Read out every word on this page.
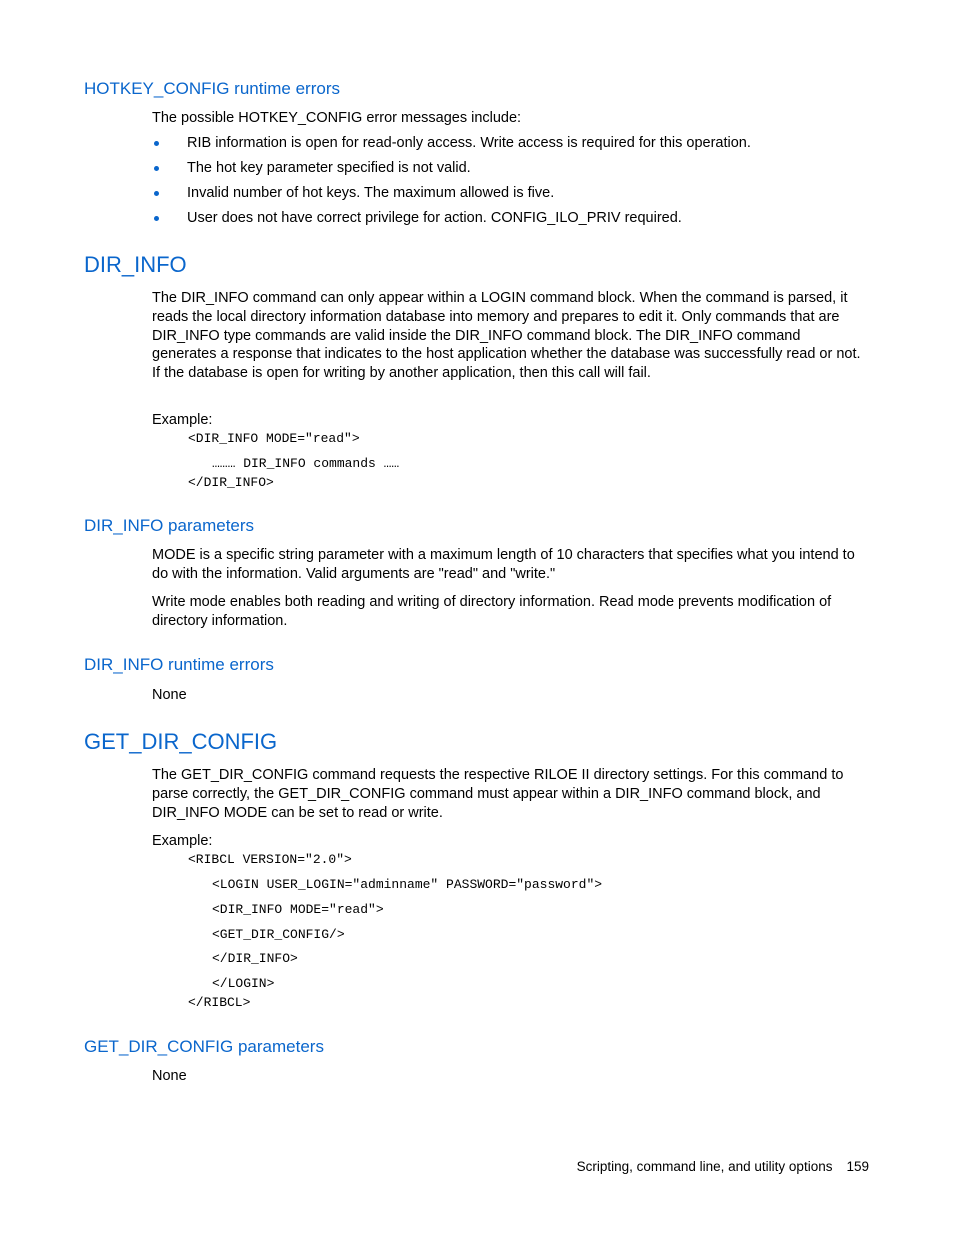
HOTKEY_CONFIG runtime errors

The possible HOTKEY_CONFIG error messages include:

RIB information is open for read-only access. Write access is required for this operation.
The hot key parameter specified is not valid.
Invalid number of hot keys. The maximum allowed is five.
User does not have correct privilege for action. CONFIG_ILO_PRIV required.
DIR_INFO

The DIR_INFO command can only appear within a LOGIN command block. When the command is parsed, it reads the local directory information database into memory and prepares to edit it. Only commands that are DIR_INFO type commands are valid inside the DIR_INFO command block. The DIR_INFO command generates a response that indicates to the host application whether the database was successfully read or not. If the database is open for writing by another application, then this call will fail.

Example:

<DIR_INFO MODE="read">
……… DIR_INFO commands ……
</DIR_INFO>
DIR_INFO parameters

MODE is a specific string parameter with a maximum length of 10 characters that specifies what you intend to do with the information. Valid arguments are "read" and "write."

Write mode enables both reading and writing of directory information. Read mode prevents modification of directory information.

DIR_INFO runtime errors

None

GET_DIR_CONFIG

The GET_DIR_CONFIG command requests the respective RILOE II directory settings. For this command to parse correctly, the GET_DIR_CONFIG command must appear within a DIR_INFO command block, and DIR_INFO MODE can be set to read or write.

Example:

<RIBCL VERSION="2.0">
<LOGIN USER_LOGIN="adminname" PASSWORD="password">
<DIR_INFO MODE="read">
<GET_DIR_CONFIG/>
</DIR_INFO>
</LOGIN>
</RIBCL>
GET_DIR_CONFIG parameters

None

Scripting, command line, and utility options 159
